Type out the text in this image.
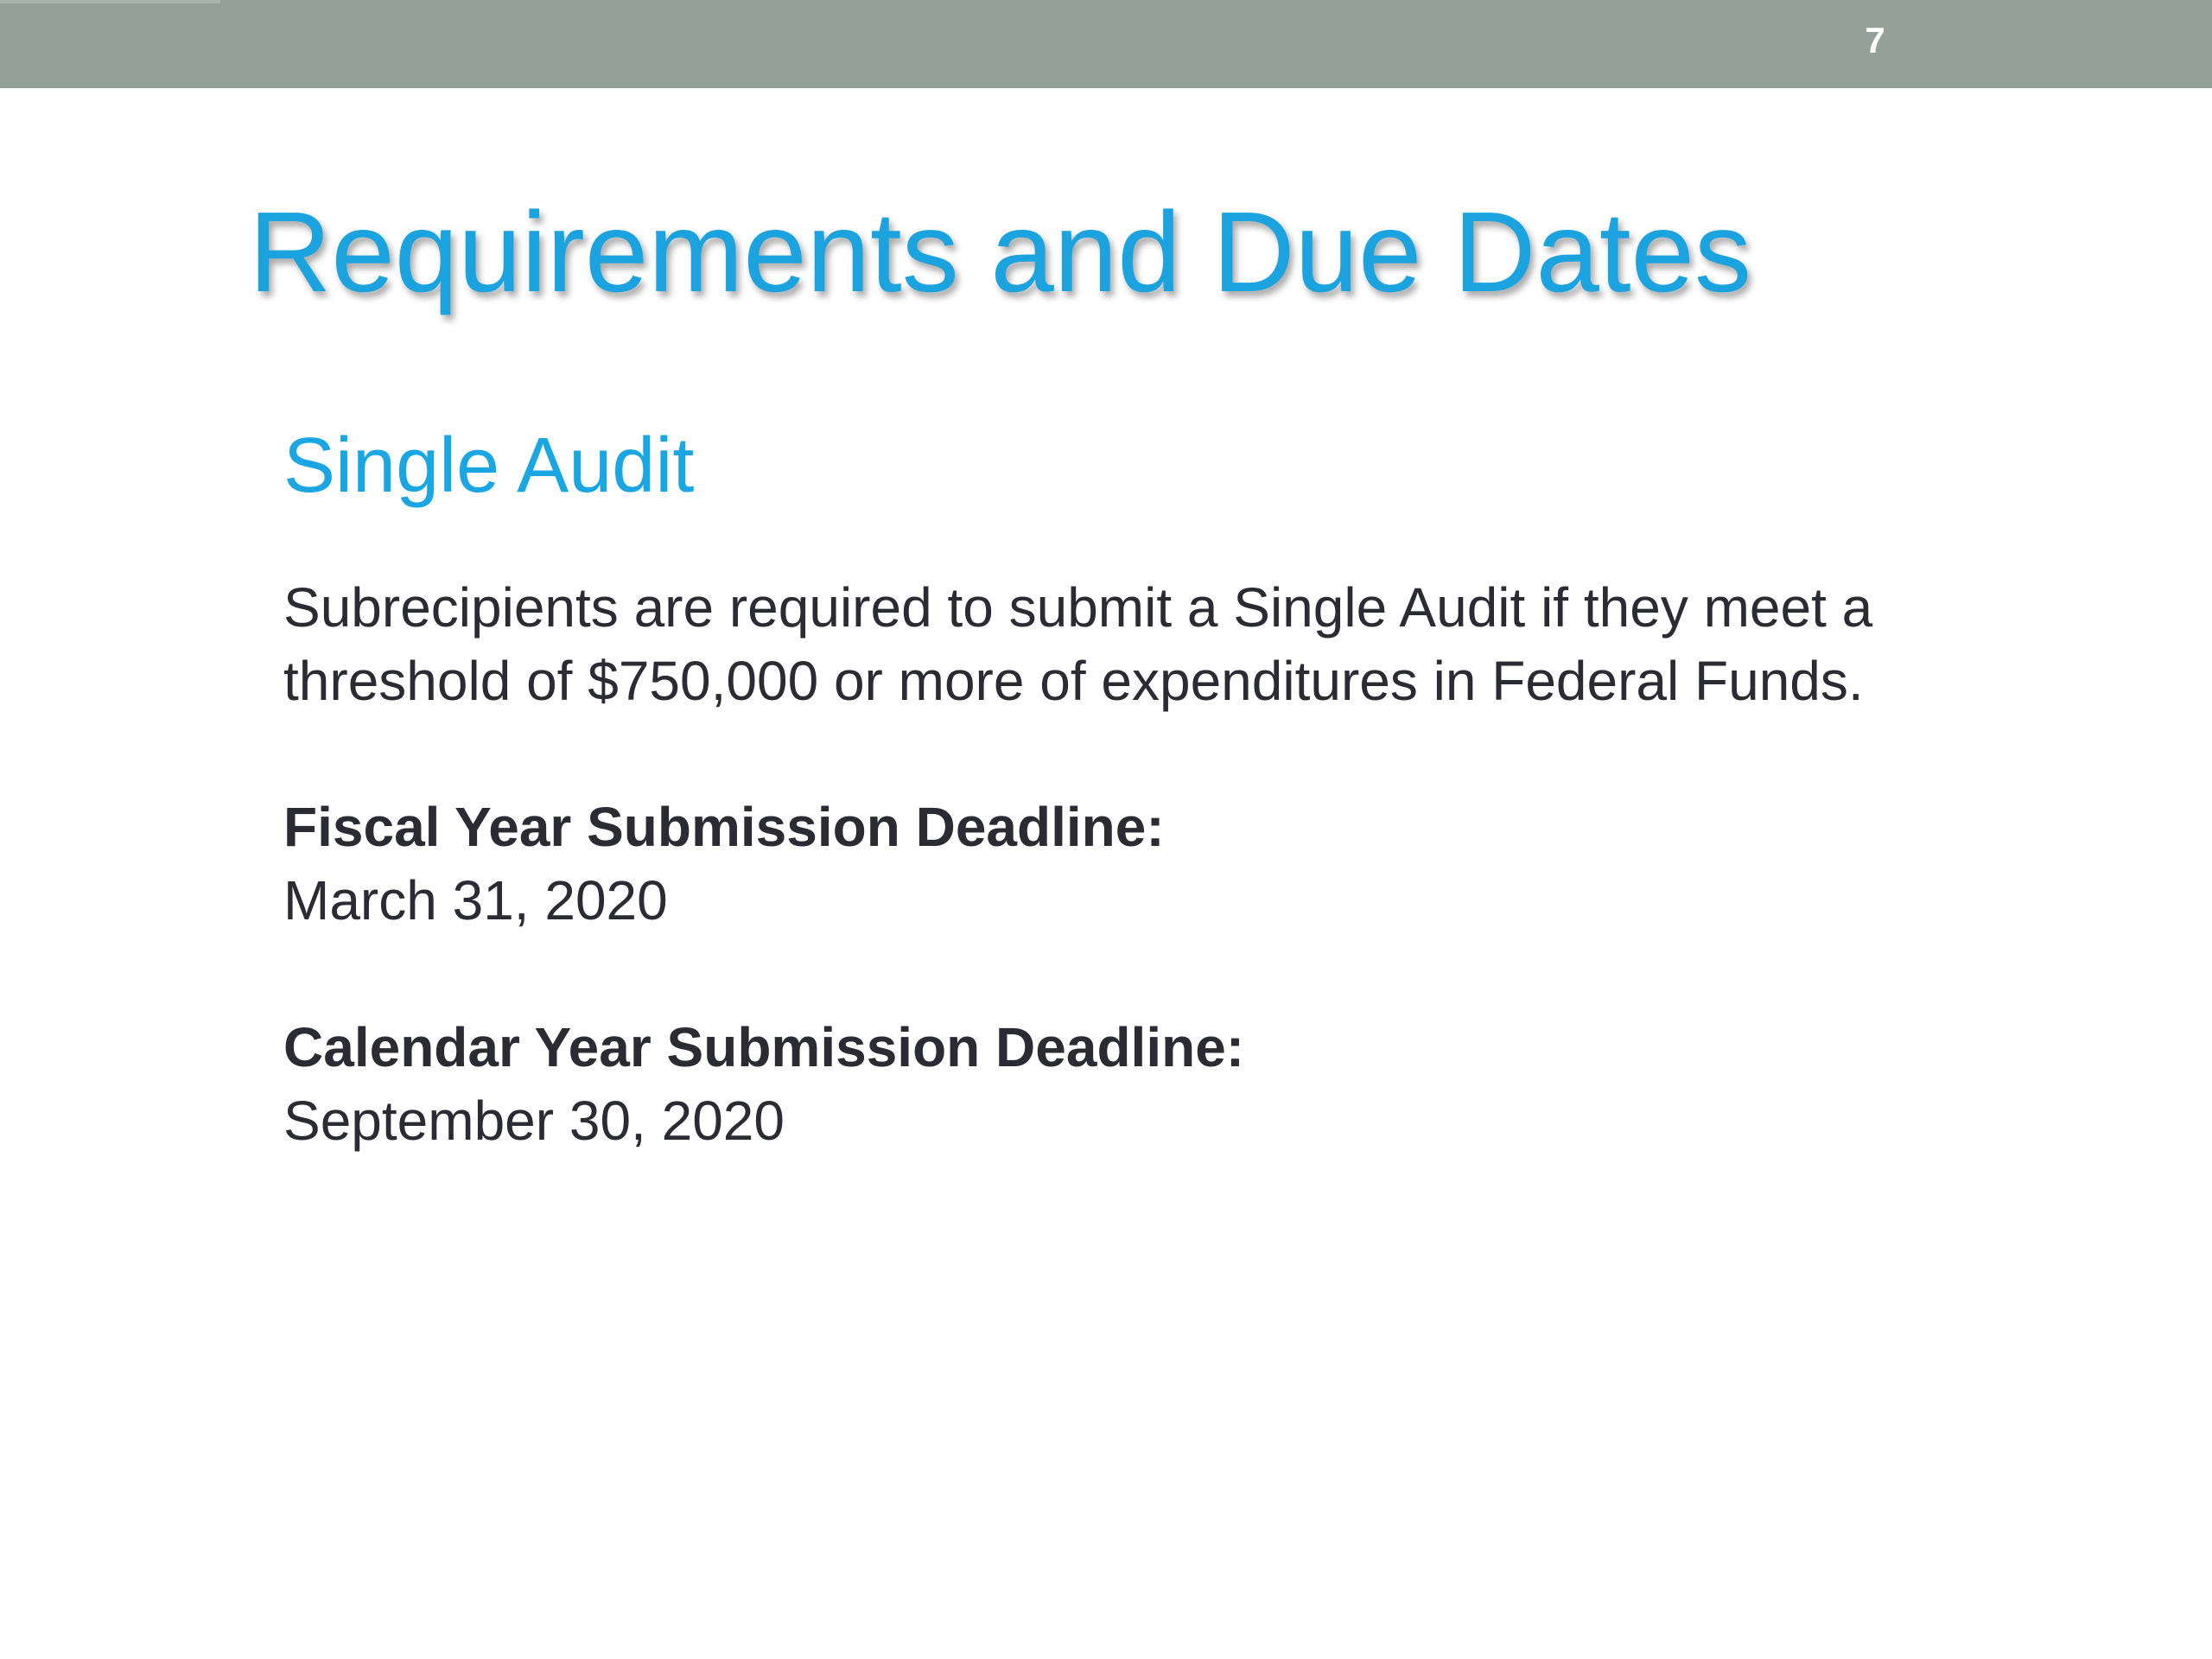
7
Requirements and Due Dates
Single Audit

Subrecipients are required to submit a Single Audit if they meet a threshold of $750,000 or more of expenditures in Federal Funds.

Fiscal Year Submission Deadline:
March 31, 2020
Calendar Year Submission Deadline:
September 30, 2020
